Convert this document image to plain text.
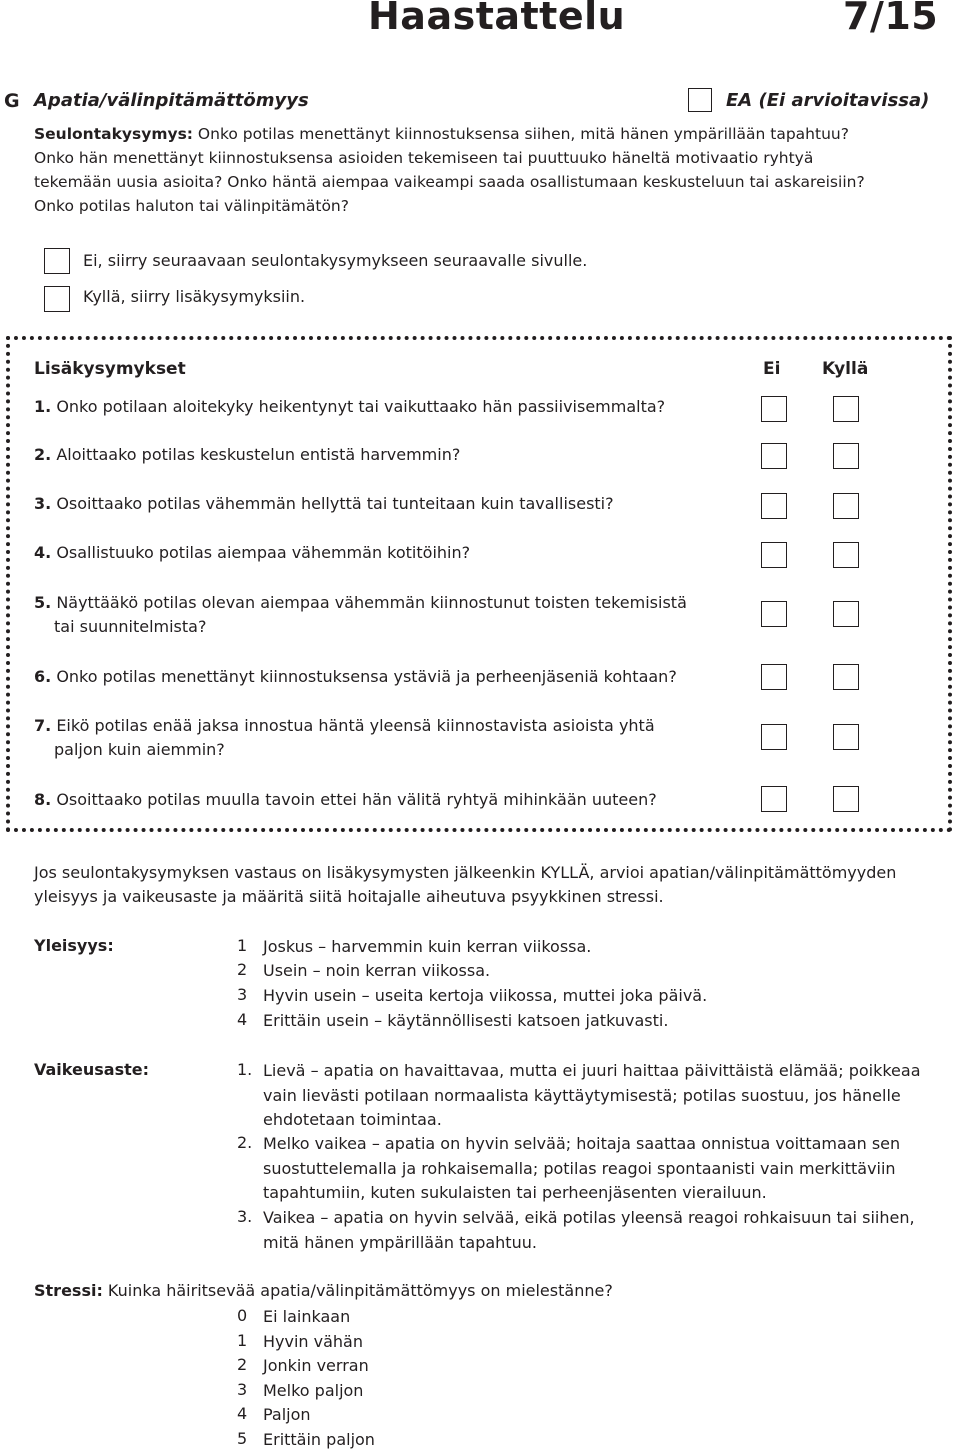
Haastattelu	7/15
G Apatia/välinpitämättömyys	EA (Ei arvioitavissa)
Seulontakysymys: Onko potilas menettänyt kiinnostuksensa siihen, mitä hänen ympärillään tapahtuu?
Onko hän menettänyt kiinnostuksensa asioiden tekemiseen tai puuttuuko häneltä motivaatio ryhtyä
tekemään uusia asioita? Onko häntä aiempaa vaikeampi saada osallistumaan keskusteluun tai askareisiin?
Onko potilas haluton tai välinpitämätön?
Ei, siirry seuraavaan seulontakysymykseen seuraavalle sivulle.
Kyllä, siirry lisäkysymyksiin.
Lisäkysymykset	Ei Kyllä
1. Onko potilaan aloitekyky heikentynyt tai vaikuttaako hän passiivisemmalta?
2. Aloittaako potilas keskustelun entistä harvemmin?
3. Osoittaako potilas vähemmän hellyttä tai tunteitaan kuin tavallisesti?
4. Osallistuuko potilas aiempaa vähemmän kotitöihin?
5. Näyttääkö potilas olevan aiempaa vähemmän kiinnostunut toisten tekemisistä
tai suunnitelmista?
6. Onko potilas menettänyt kiinnostuksensa ystäviä ja perheenjäseniä kohtaan?
7. Eikö potilas enää jaksa innostua häntä yleensä kiinnostavista asioista yhtä
paljon kuin aiemmin?
8. Osoittaako potilas muulla tavoin ettei hän välitä ryhtyä mihinkään uuteen?
Jos seulontakysymyksen vastaus on lisäkysymysten jälkeenkin KYLLÄ, arvioi apatian/välinpitämättömyyden
yleisyys ja vaikeusaste ja määritä siitä hoitajalle aiheutuva psyykkinen stressi.
Yleisyys:	1 Joskus – harvemmin kuin kerran viikossa.
2 Usein – noin kerran viikossa.
3 Hyvin usein – useita kertoja viikossa, muttei joka päivä.
4 Erittäin usein – käytännöllisesti katsoen jatkuvasti.
Vaikeusaste:	1. Lievä – apatia on havaittavaa, mutta ei juuri haittaa päivittäistä elämää; poikkeaa
vain lievästi potilaan normaalista käyttäytymisestä; potilas suostuu, jos hänelle
ehdotetaan toimintaa.
2. Melko vaikea – apatia on hyvin selvää; hoitaja saattaa onnistua voittamaan sen
suostuttelemalla ja rohkaisemalla; potilas reagoi spontaanisti vain merkittäviin
tapahtumiin, kuten sukulaisten tai perheenjäsenten vierailuun.
3. Vaikea – apatia on hyvin selvää, eikä potilas yleensä reagoi rohkaisuun tai siihen,
mitä hänen ympärillään tapahtuu.
Stressi: Kuinka häiritsevää apatia/välinpitämättömyys on mielestänne?
0 Ei lainkaan
1 Hyvin vähän
2 Jonkin verran
3 Melko paljon
4 Paljon
5 Erittäin paljon
